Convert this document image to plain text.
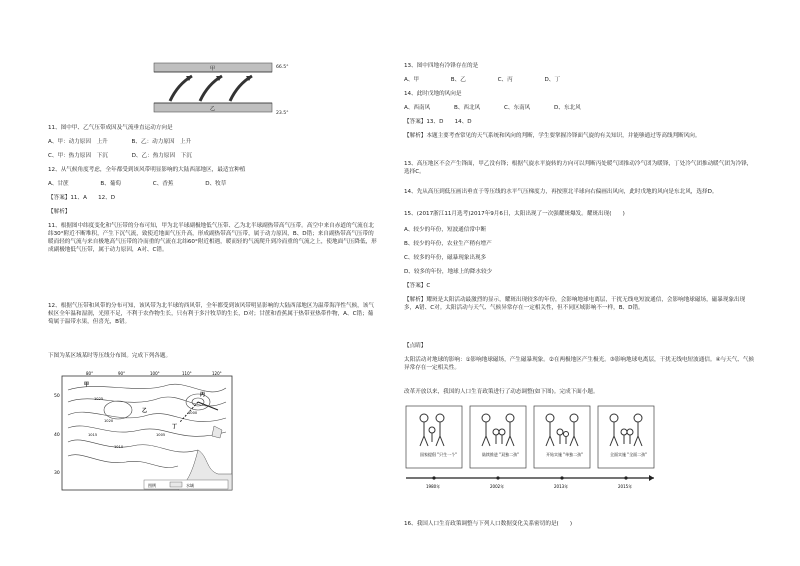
甲
乙
66.5°
23.5°
11、图中甲、乙气压带成因及气流垂直运动方向是
A、甲：动力原因　上升	B、乙：动力原因　上升
C、甲：热力原因　下沉	D、乙：热力原因　下沉
12、从气候角度考虑，全年都受到该风带明显影响的大陆西部地区，最适宜种植
A、甘蔗	B、葡萄	C、香蕉	D、牧草
【答案】11、A　　12、D
【解析】
11、根据图中纬度变化和气压带的分布可知，甲为北半球副极地低气压带、乙为北半球副热带高气压带。高空中来自赤道的气流在北纬30°附近不断堆积，产生下沉气流，致使近地面气压升高，形成副热带高气压带，属于动力原因，B、D错；来自副热带高气压带的暖而轻的气流与来自极地高气压带的冷而重的气流在北纬60°附近相遇，暖而轻的气流爬升到冷而重的气流之上，使地面气压降低，形成副极地低气压带，属于动力原因，A对、C错。
12、根据气压带和风带的分布可知，该风带为北半球的西风带，全年都受到该风带明显影响的大陆西部地区为温带海洋性气候，该气候区全年温和湿润，光照不足，不利于农作物生长，只有利于多汁牧草的生长，D对；甘蔗和香蕉属于热带亚热带作物，A、C错；葡萄属于温带水果，但喜光，B错。
下图为某区域某时等压线分布图。完成下列各题。
50
40
30
80°	90°	100°	110°	120°
甲
乙
丙
丁
1025
1020
1015
1010
1005
1000
图例	水域
13、图中四地有冷锋存在的是
A、甲	B、乙	C、丙	D、丁
14、此时戊地的风向是
A、西南风	B、西北风	C、东南风	D、东北风
【答案】13、D　　14、D
【解析】本题主要考查常见的天气系统和风向的判断，学生要掌握冷锋面气旋的有关知识，并能够通过等高线判断风向。
13、高压地区不会产生锋面，甲乙没有锋；根据气旋水平旋转的方向可以判断丙处暖气团推动冷气团为暖锋，丁处冷气团推动暖气团为冷锋，选择C。
14、先从高压到低压画出垂直于等压线的水平气压梯度力，再按照北半球向右偏画出风向，此时戊地的风向是东北风，选择D。
15、(2017浙江11月选考)2017年9月6日，太阳出现了一次强耀斑爆发。耀斑出现(　　)
A、较少的年份，短波通信常中断
B、较少的年份，农业生产稍有增产
C、较多的年份，磁暴现象出现多
D、较多的年份，地球上的降水较少
【答案】C
【解析】耀斑是太阳活动最激烈的显示，耀斑出现较多的年份，会影响地球电离层，干扰无线电短波通信，会影响地球磁场，磁暴现象出现多，A错、C对。太阳活动与天气、气候异常存在一定相关性，但不同区域影响不一样，B、D错。
【点睛】
太阳活动对地球的影响：①影响地球磁场，产生磁暴现象。②在两极地区产生极光。③影响地球电离层，干扰无线电短波通信。④与天气、气候异常存在一定相关性。
改革开放以来，我国的人口生育政策进行了动态调整(如下图)。完成下面小题。
国家提倡 "只生一个"	陆续推进 "双独二孩"	开始实施 "单独二孩"	全面实施 "全面二孩"
1980年	2002年	2013年	2015年
16、我国人口生育政策调整与下列人口数据变化关系密切的是(　　)
